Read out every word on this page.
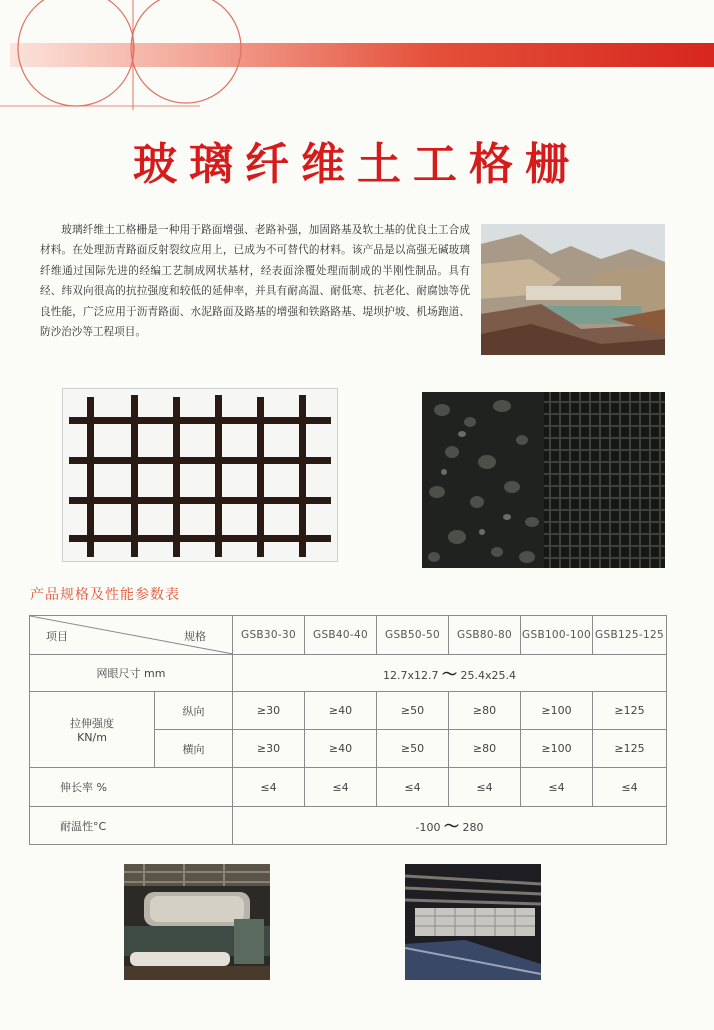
玻璃纤维土工格栅

玻璃纤维土工格栅是一种用于路面增强、老路补强，加固路基及软土基的优良土工合成材料。在处理沥青路面反射裂纹应用上，已成为不可替代的材料。该产品是以高强无碱玻璃纤维通过国际先进的经编工艺制成网状基材，经表面涂覆处理而制成的半刚性制品。具有经、纬双向很高的抗拉强度和较低的延伸率，并具有耐高温、耐低寒、抗老化、耐腐蚀等优良性能，广泛应用于沥青路面、水泥路面及路基的增强和铁路路基、堤坝护坡、机场跑道、防沙治沙等工程项目。

产品规格及性能参数表
项目 规格		GSB30-30	GSB40-40	GSB50-50	GSB80-80	GSB100-100	GSB125-125
网眼尺寸 mm		12.7x12.7 ～ 25.4x25.4					

拉伸强度
KN/m	纵向	≥30	≥40	≥50	≥80	≥100	≥125
	横向	≥30	≥40	≥50	≥80	≥100	≥125
伸长率 %		≤4	≤4	≤4	≤4	≤4	≤4
耐温性°C		-100 ～ 280					
